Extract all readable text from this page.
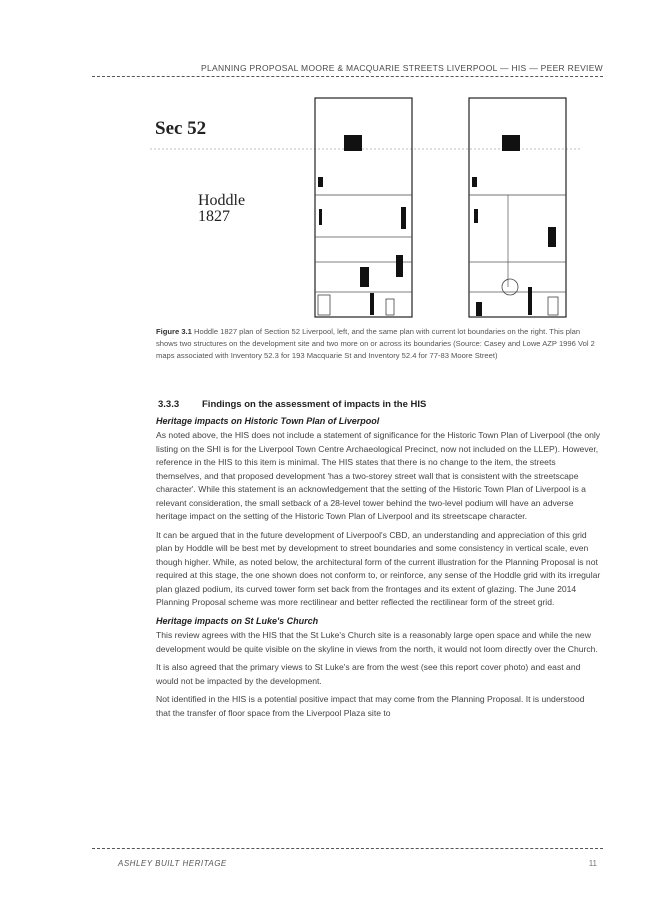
PLANNING PROPOSAL MOORE & MACQUARIE STREETS LIVERPOOL — HIS — PEER REVIEW
Sec 52
Hoddle
1827
Figure 3.1 Hoddle 1827 plan of Section 52 Liverpool, left, and the same plan with current lot boundaries on the right. This plan shows two structures on the development site and two more on or across its boundaries (Source: Casey and Lowe AZP 1996 Vol 2 maps associated with Inventory 52.3 for 193 Macquarie St and Inventory 52.4 for 77-83 Moore Street)
3.3.3	Findings on the assessment of impacts in the HIS
Heritage impacts on Historic Town Plan of Liverpool

As noted above, the HIS does not include a statement of significance for the Historic Town Plan of Liverpool (the only listing on the SHI is for the Liverpool Town Centre Archaeological Precinct, now not included on the LLEP). However, reference in the HIS to this item is minimal. The HIS states that there is no change to the item, the streets themselves, and that proposed development 'has a two-storey street wall that is consistent with the streetscape character'. While this statement is an acknowledgement that the setting of the Historic Town Plan of Liverpool is a relevant consideration, the small setback of a 28-level tower behind the two-level podium will have an adverse heritage impact on the setting of the Historic Town Plan of Liverpool and its streetscape character.

It can be argued that in the future development of Liverpool's CBD, an understanding and appreciation of this grid plan by Hoddle will be best met by development to street boundaries and some consistency in vertical scale, even though higher. While, as noted below, the architectural form of the current illustration for the Planning Proposal is not required at this stage, the one shown does not conform to, or reinforce, any sense of the Hoddle grid with its irregular plan glazed podium, its curved tower form set back from the frontages and its extent of glazing. The June 2014 Planning Proposal scheme was more rectilinear and better reflected the rectilinear form of the street grid.

Heritage impacts on St Luke's Church

This review agrees with the HIS that the St Luke's Church site is a reasonably large open space and while the new development would be quite visible on the skyline in views from the north, it would not loom directly over the Church.

It is also agreed that the primary views to St Luke's are from the west (see this report cover photo) and east and would not be impacted by the development.

Not identified in the HIS is a potential positive impact that may come from the Planning Proposal. It is understood that the transfer of floor space from the Liverpool Plaza site to

ASHLEY BUILT HERITAGE	11
